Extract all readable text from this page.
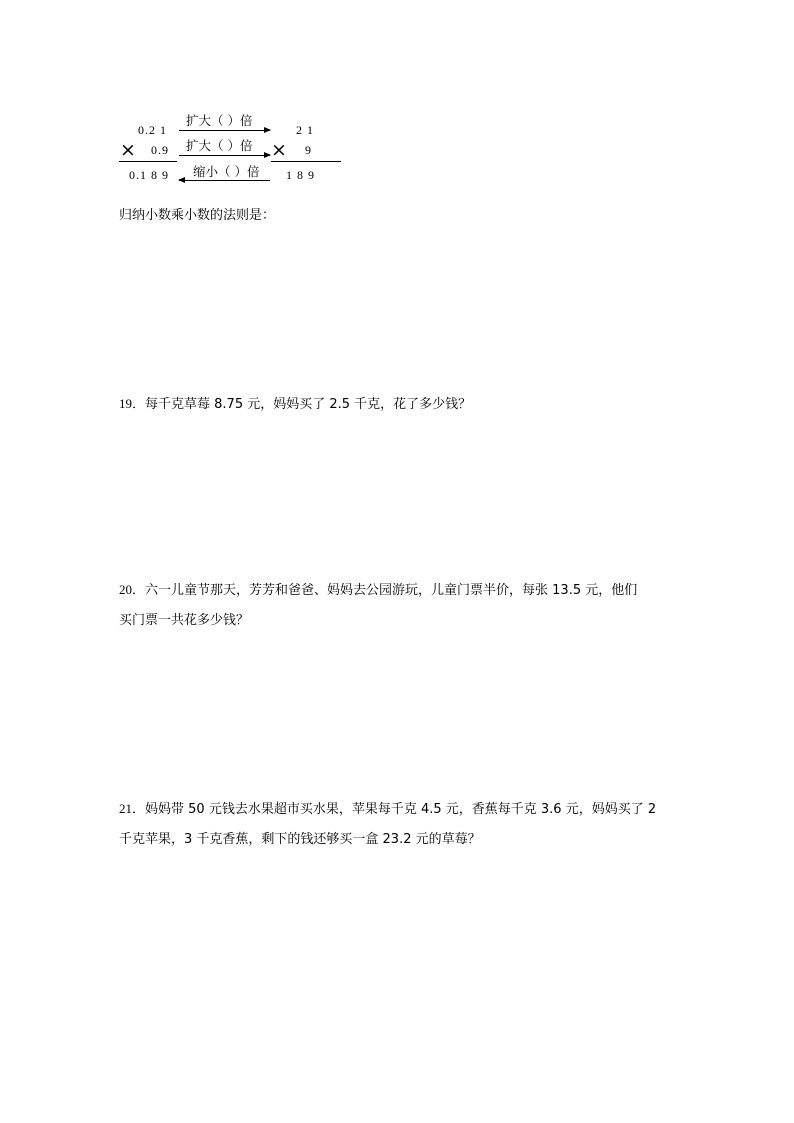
0.2 1
× 0.9
0.1 8 9
扩大（ ）倍
扩大（ ）倍
缩小（ ）倍
2 1
× 9
1 8 9
归纳小数乘小数的法则是：
19．每千克草莓 8.75 元，妈妈买了 2.5 千克，花了多少钱？
20．六一儿童节那天，芳芳和爸爸、妈妈去公园游玩，儿童门票半价，每张 13.5 元，他们
买门票一共花多少钱？
21．妈妈带 50 元钱去水果超市买水果，苹果每千克 4.5 元，香蕉每千克 3.6 元，妈妈买了 2
千克苹果，3 千克香蕉，剩下的钱还够买一盒 23.2 元的草莓？
